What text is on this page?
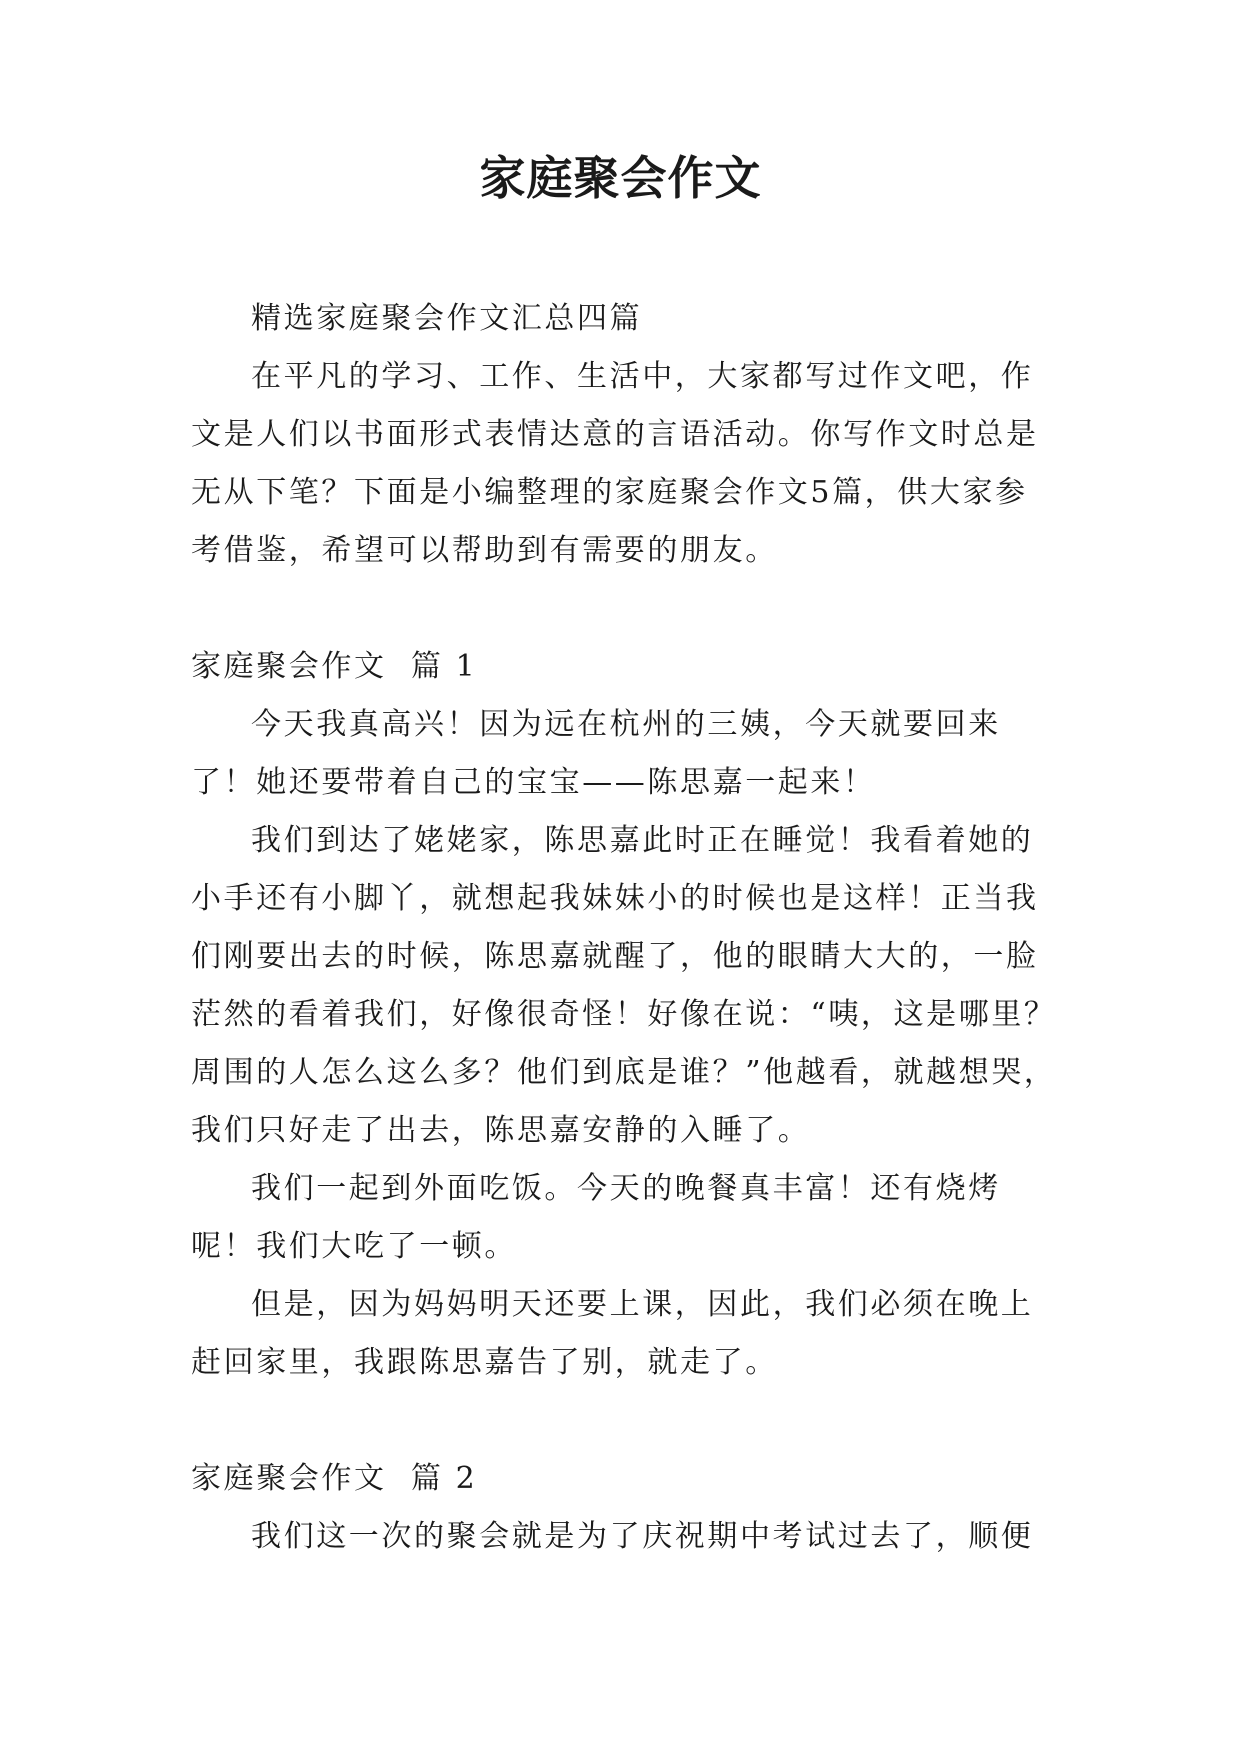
家庭聚会作文

精选家庭聚会作文汇总四篇

在平凡的学习、工作、生活中，大家都写过作文吧，作文是人们以书面形式表情达意的言语活动。你写作文时总是无从下笔？下面是小编整理的家庭聚会作文5篇，供大家参考借鉴，希望可以帮助到有需要的朋友。

家庭聚会作文  篇 1

今天我真高兴！因为远在杭州的三姨，今天就要回来了！她还要带着自己的宝宝——陈思嘉一起来！

我们到达了姥姥家，陈思嘉此时正在睡觉！我看着她的小手还有小脚丫，就想起我妹妹小的时候也是这样！正当我们刚要出去的时候，陈思嘉就醒了，他的眼睛大大的，一脸茫然的看着我们，好像很奇怪！好像在说：“咦，这是哪里？周围的人怎么这么多？他们到底是谁？”他越看，就越想哭，我们只好走了出去，陈思嘉安静的入睡了。

我们一起到外面吃饭。今天的晚餐真丰富！还有烧烤呢！我们大吃了一顿。

但是，因为妈妈明天还要上课，因此，我们必须在晚上赶回家里，我跟陈思嘉告了别，就走了。

家庭聚会作文  篇 2

我们这一次的聚会就是为了庆祝期中考试过去了，顺便
